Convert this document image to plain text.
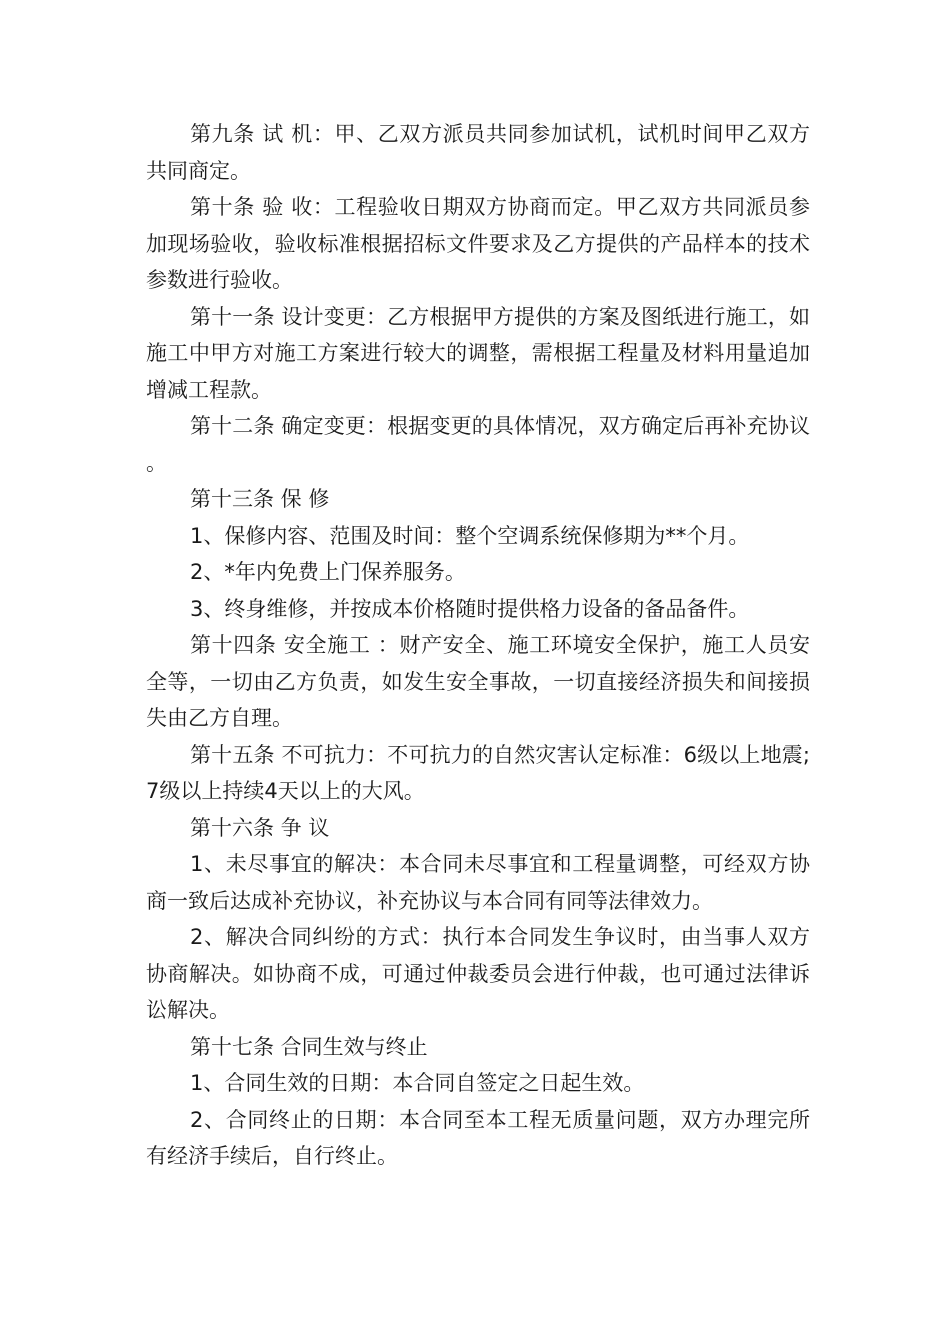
第九条 试 机：甲、乙双方派员共同参加试机，试机时间甲乙双方共同商定。

第十条 验 收：工程验收日期双方协商而定。甲乙双方共同派员参加现场验收，验收标准根据招标文件要求及乙方提供的产品样本的技术参数进行验收。

第十一条 设计变更：乙方根据甲方提供的方案及图纸进行施工，如施工中甲方对施工方案进行较大的调整，需根据工程量及材料用量追加增减工程款。

第十二条 确定变更：根据变更的具体情况，双方确定后再补充协议。

第十三条 保 修

1、保修内容、范围及时间：整个空调系统保修期为**个月。

2、*年内免费上门保养服务。

3、终身维修，并按成本价格随时提供格力设备的备品备件。

第十四条 安全施工 ：财产安全、施工环境安全保护，施工人员安全等，一切由乙方负责，如发生安全事故，一切直接经济损失和间接损失由乙方自理。

第十五条 不可抗力：不可抗力的自然灾害认定标准：6级以上地震;7级以上持续4天以上的大风。

第十六条 争 议

1、未尽事宜的解决：本合同未尽事宜和工程量调整，可经双方协商一致后达成补充协议，补充协议与本合同有同等法律效力。

2、解决合同纠纷的方式：执行本合同发生争议时，由当事人双方协商解决。如协商不成，可通过仲裁委员会进行仲裁，也可通过法律诉讼解决。

第十七条 合同生效与终止

1、合同生效的日期：本合同自签定之日起生效。

2、合同终止的日期：本合同至本工程无质量问题，双方办理完所有经济手续后，自行终止。
